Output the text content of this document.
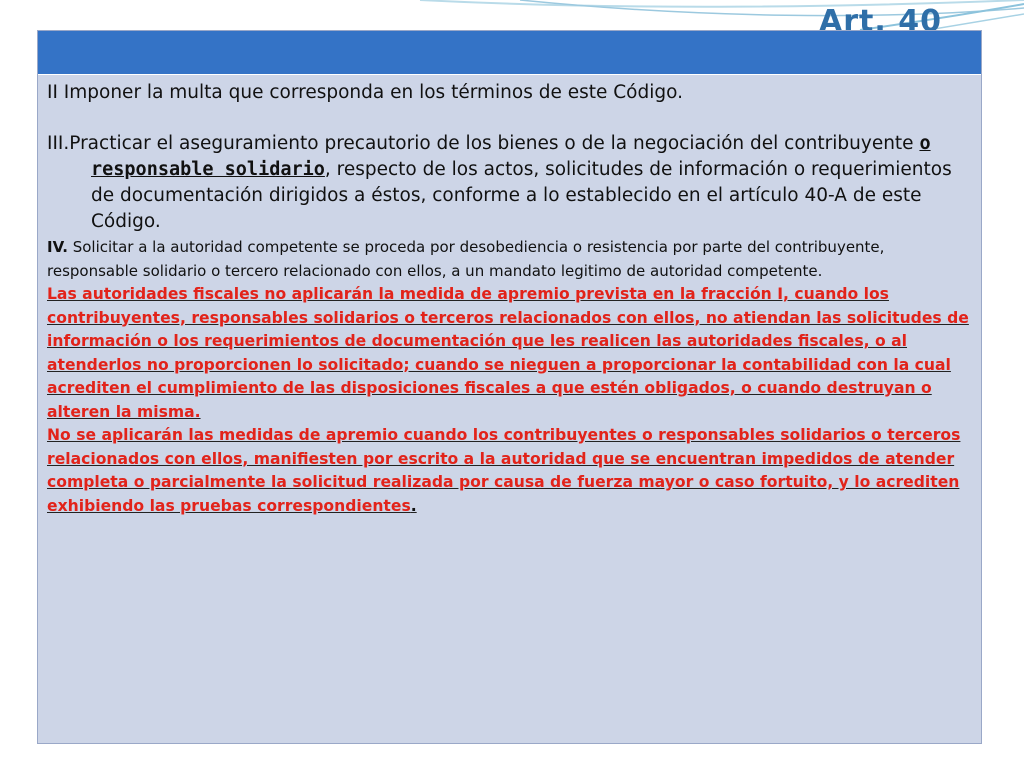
Art. 40

II Imponer la multa que corresponda en los términos de este Código.

III.Practicar el aseguramiento precautorio de los bienes o de la negociación del contribuyente o responsable solidario, respecto de los actos, solicitudes de información o requerimientos de documentación dirigidos a éstos, conforme a lo establecido en el artículo 40-A de este Código.

IV. Solicitar a la autoridad competente se proceda por desobediencia o resistencia por parte del contribuyente, responsable solidario o tercero relacionado con ellos, a un mandato legitimo de autoridad competente.

Las autoridades fiscales no aplicarán la medida de apremio prevista en la fracción I, cuando los contribuyentes, responsables solidarios o terceros relacionados con ellos, no atiendan las solicitudes de información o los requerimientos de documentación que les realicen las autoridades fiscales, o al atenderlos no proporcionen lo solicitado; cuando se nieguen a proporcionar la contabilidad con la cual acrediten el cumplimiento de las disposiciones fiscales a que estén obligados, o cuando destruyan o alteren la misma.

No se aplicarán las medidas de apremio cuando los contribuyentes o responsables solidarios o terceros relacionados con ellos, manifiesten por escrito a la autoridad que se encuentran impedidos de atender completa o parcialmente la solicitud realizada por causa de fuerza mayor o caso fortuito, y lo acrediten exhibiendo las pruebas correspondientes.
